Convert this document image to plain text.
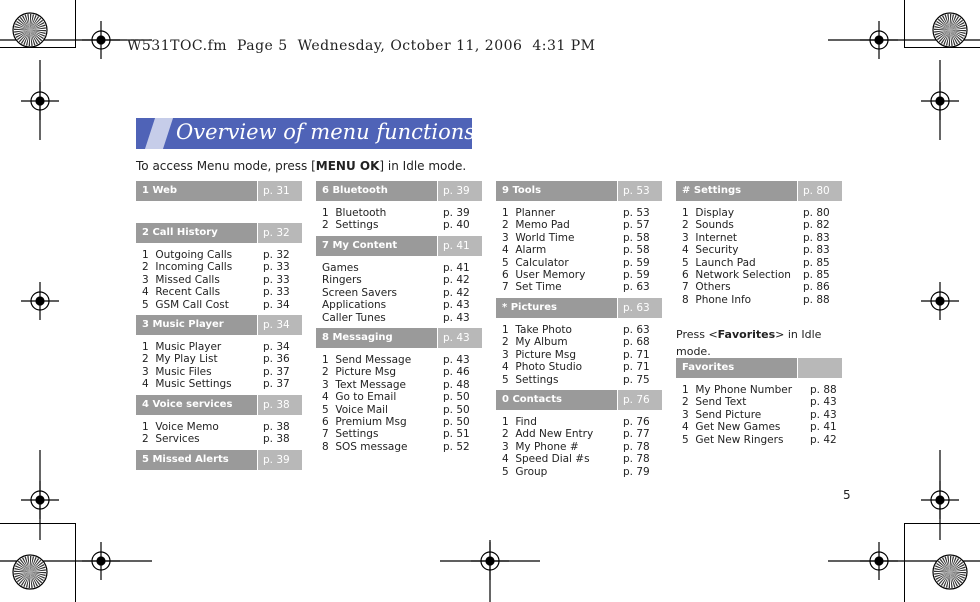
W531TOC.fm  Page 5  Wednesday, October 11, 2006  4:31 PM
Overview of menu functions
To access Menu mode, press [MENU OK] in Idle mode.
1 Web	p. 31
2 Call History	p. 32
1  Outgoing Calls	p. 32
2  Incoming Calls	p. 33
3  Missed Calls	p. 33
4  Recent Calls	p. 33
5  GSM Call Cost	p. 34
3 Music Player	p. 34
1  Music Player	p. 34
2  My Play List	p. 36
3  Music Files	p. 37
4  Music Settings	p. 37
4 Voice services	p. 38
1  Voice Memo	p. 38
2  Services	p. 38
5 Missed Alerts	p. 39
6 Bluetooth	p. 39
1  Bluetooth	p. 39
2  Settings	p. 40
7 My Content	p. 41
Games	p. 41
Ringers	p. 42
Screen Savers	p. 42
Applications	p. 43
Caller Tunes	p. 43
8 Messaging	p. 43
1  Send Message	p. 43
2  Picture Msg	p. 46
3  Text Message	p. 48
4  Go to Email	p. 50
5  Voice Mail	p. 50
6  Premium Msg	p. 50
7  Settings	p. 51
8  SOS message	p. 52
9 Tools	p. 53
1  Planner	p. 53
2  Memo Pad	p. 57
3  World Time	p. 58
4  Alarm	p. 58
5  Calculator	p. 59
6  User Memory	p. 59
7  Set Time	p. 63
* Pictures	p. 63
1  Take Photo	p. 63
2  My Album	p. 68
3  Picture Msg	p. 71
4  Photo Studio	p. 71
5  Settings	p. 75
0 Contacts	p. 76
1  Find	p. 76
2  Add New Entry	p. 77
3  My Phone #	p. 78
4  Speed Dial #s	p. 78
5  Group	p. 79
# Settings	p. 80
1  Display	p. 80
2  Sounds	p. 82
3  Internet	p. 83
4  Security	p. 83
5  Launch Pad	p. 85
6  Network Selection p. 85
7  Others	p. 86
8  Phone Info	p. 88
Favorites
1  My Phone Number p. 88
2  Send Text	p. 43
3  Send Picture	p. 43
4  Get New Games	p. 41
5  Get New Ringers	p. 42
Press <Favorites> in Idle mode.
5
